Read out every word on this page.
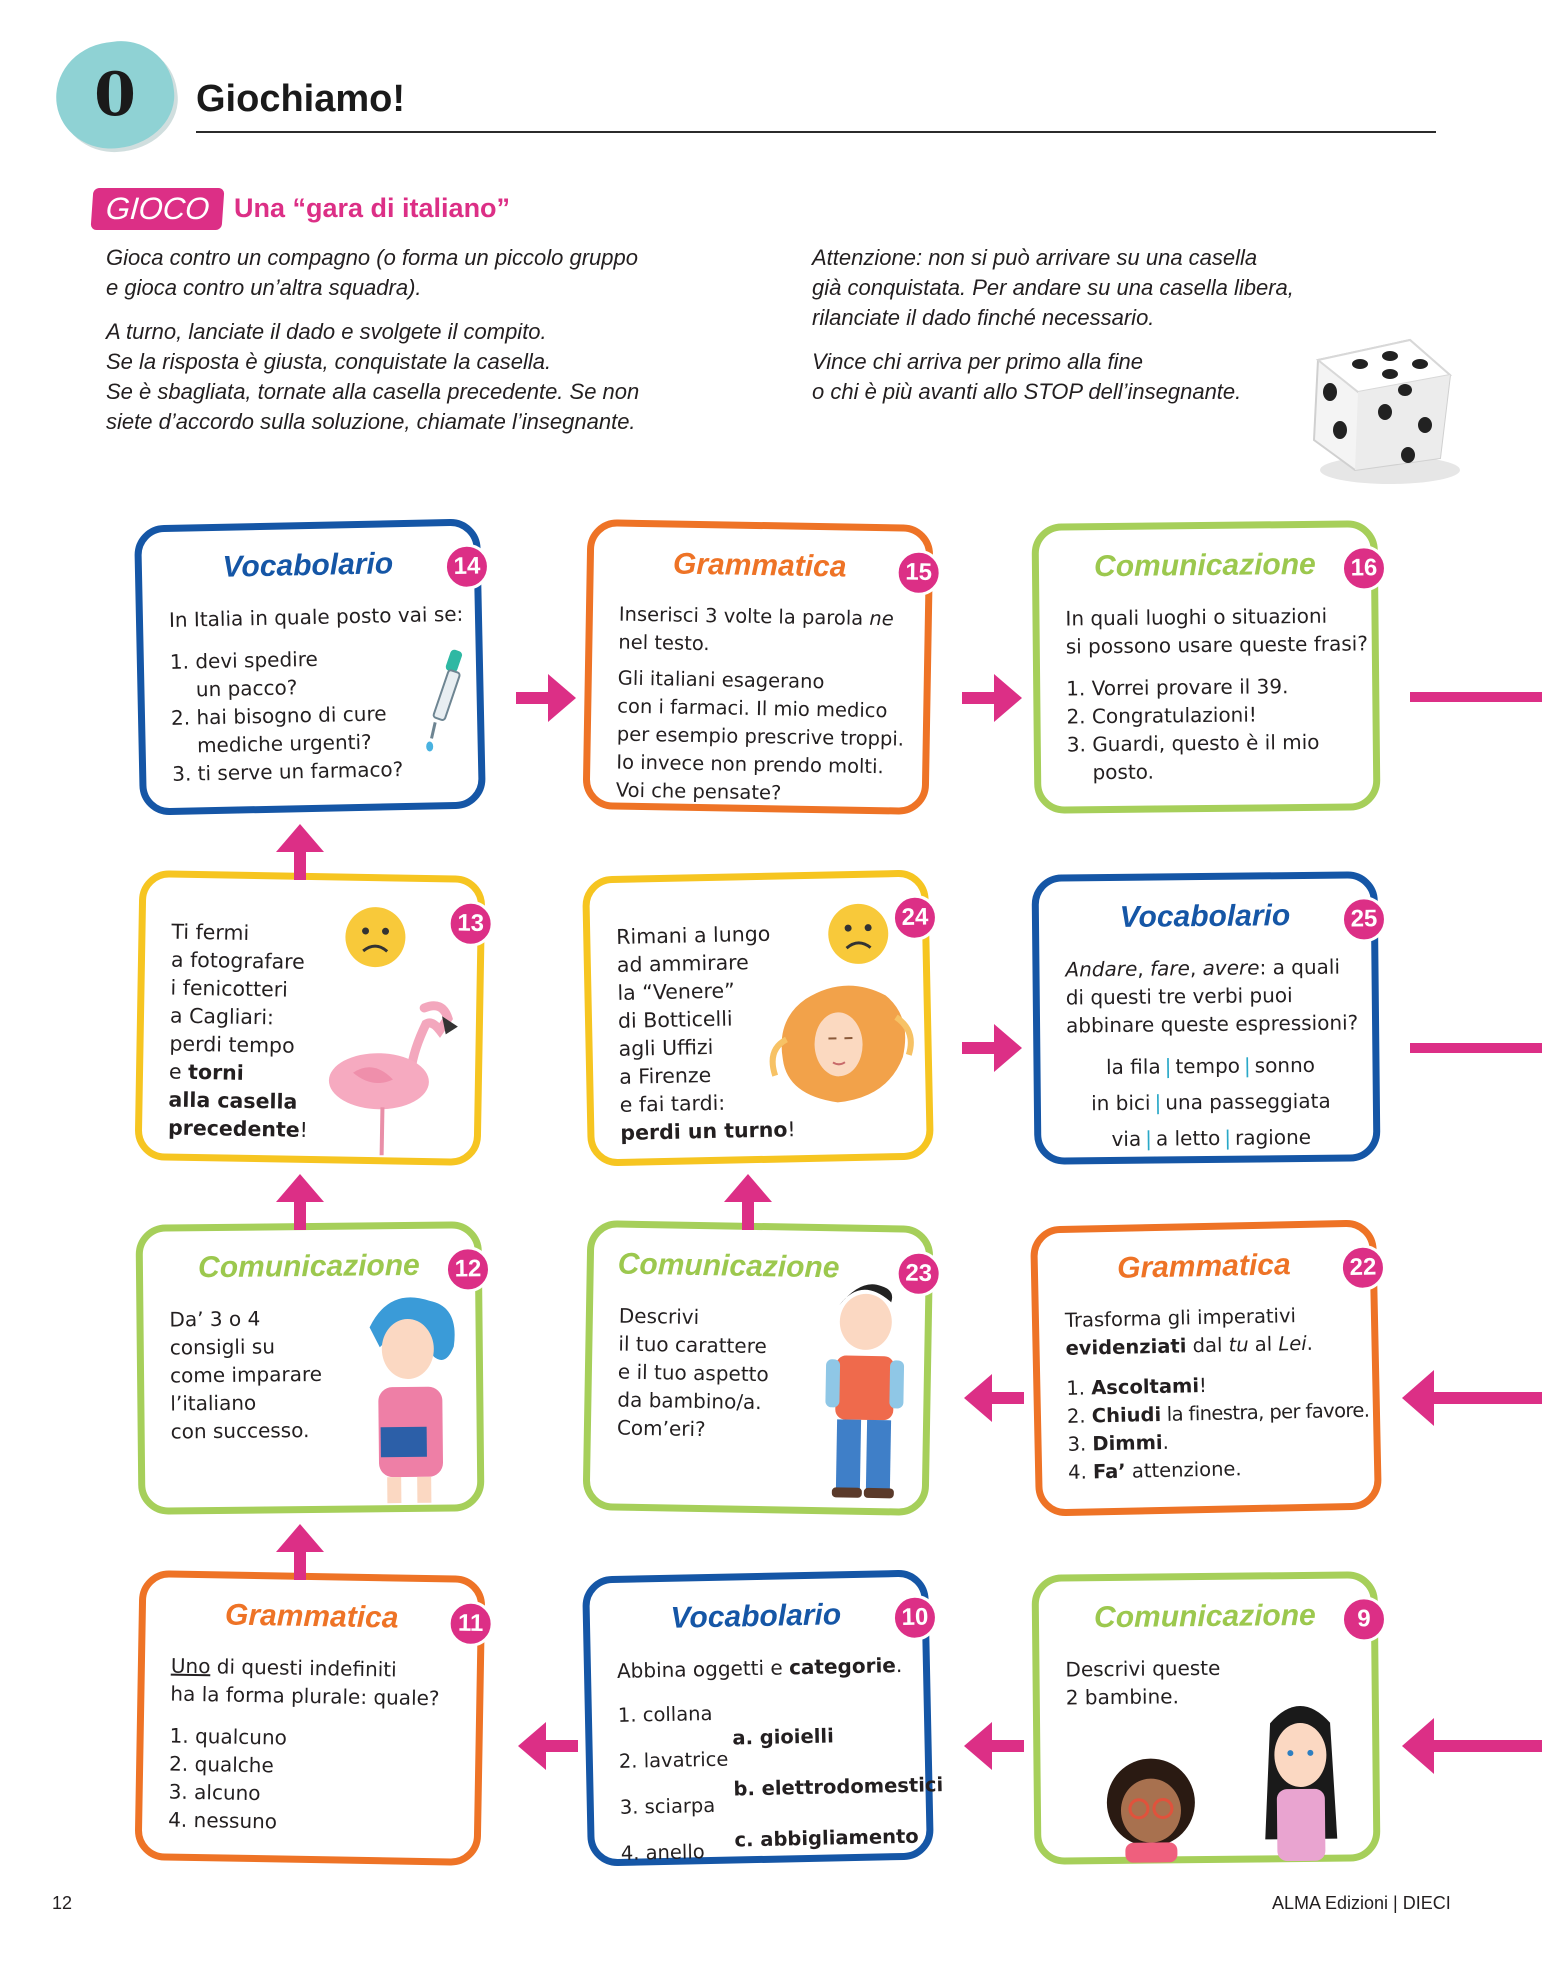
0	Giochiamo!
GIOCO Una “gara di italiano”

Gioca contro un compagno (o forma un piccolo gruppo
e gioca contro un’altra squadra).

A turno, lanciate il dado e svolgete il compito.
Se la risposta è giusta, conquistate la casella.
Se è sbagliata, tornate alla casella precedente. Se non
siete d’accordo sulla soluzione, chiamate l’insegnante.

Attenzione: non si può arrivare su una casella
già conquistata. Per andare su una casella libera,
rilanciate il dado finché necessario.

Vince chi arriva per primo alla fine
o chi è più avanti allo STOP dell’insegnante.

14
Vocabolario
In Italia in quale posto vai se:
1. devi spedire
un pacco?
2. hai bisogno di cure
mediche urgenti?
3. ti serve un farmaco?
15
Grammatica
Inserisci 3 volte la parola ne
nel testo.
Gli italiani esagerano
con i farmaci. Il mio medico
per esempio prescrive troppi.
Io invece non prendo molti.
Voi che pensate?
16
Comunicazione
In quali luoghi o situazioni
si possono usare queste frasi?
1. Vorrei provare il 39.
2. Congratulazioni!
3. Guardi, questo è il mio
posto.
13
Ti fermi
a fotografare
i fenicotteri
a Cagliari:
perdi tempo
e torni
alla casella
precedente!
24
Rimani a lungo
ad ammirare
la “Venere”
di Botticelli
agli Uffizi
a Firenze
e fai tardi:
perdi un turno!
25
Vocabolario
Andare, fare, avere: a quali
di questi tre verbi puoi
abbinare queste espressioni?
la fila | tempo | sonno
in bici | una passeggiata
via | a letto | ragione
12
Comunicazione
Da’ 3 o 4
consigli su
come imparare
l’italiano
con successo.
23
Comunicazione
Descrivi
il tuo carattere
e il tuo aspetto
da bambino/a.
Com’eri?
22
Grammatica
Trasforma gli imperativi
evidenziati dal tu al Lei.
1. Ascoltami!
2. Chiudi la finestra, per favore.
3. Dimmi.
4. Fa’ attenzione.
11
Grammatica
Uno di questi indefiniti
ha la forma plurale: quale?
1. qualcuno
2. qualche
3. alcuno
4. nessuno
10
Vocabolario
Abbina oggetti e categorie.
1. collana
2. lavatrice
3. sciarpa
4. anello
a. gioielli
b. elettrodomestici
c. abbigliamento
9
Comunicazione
Descrivi queste
2 bambine.
12	ALMA Edizioni | DIECI
